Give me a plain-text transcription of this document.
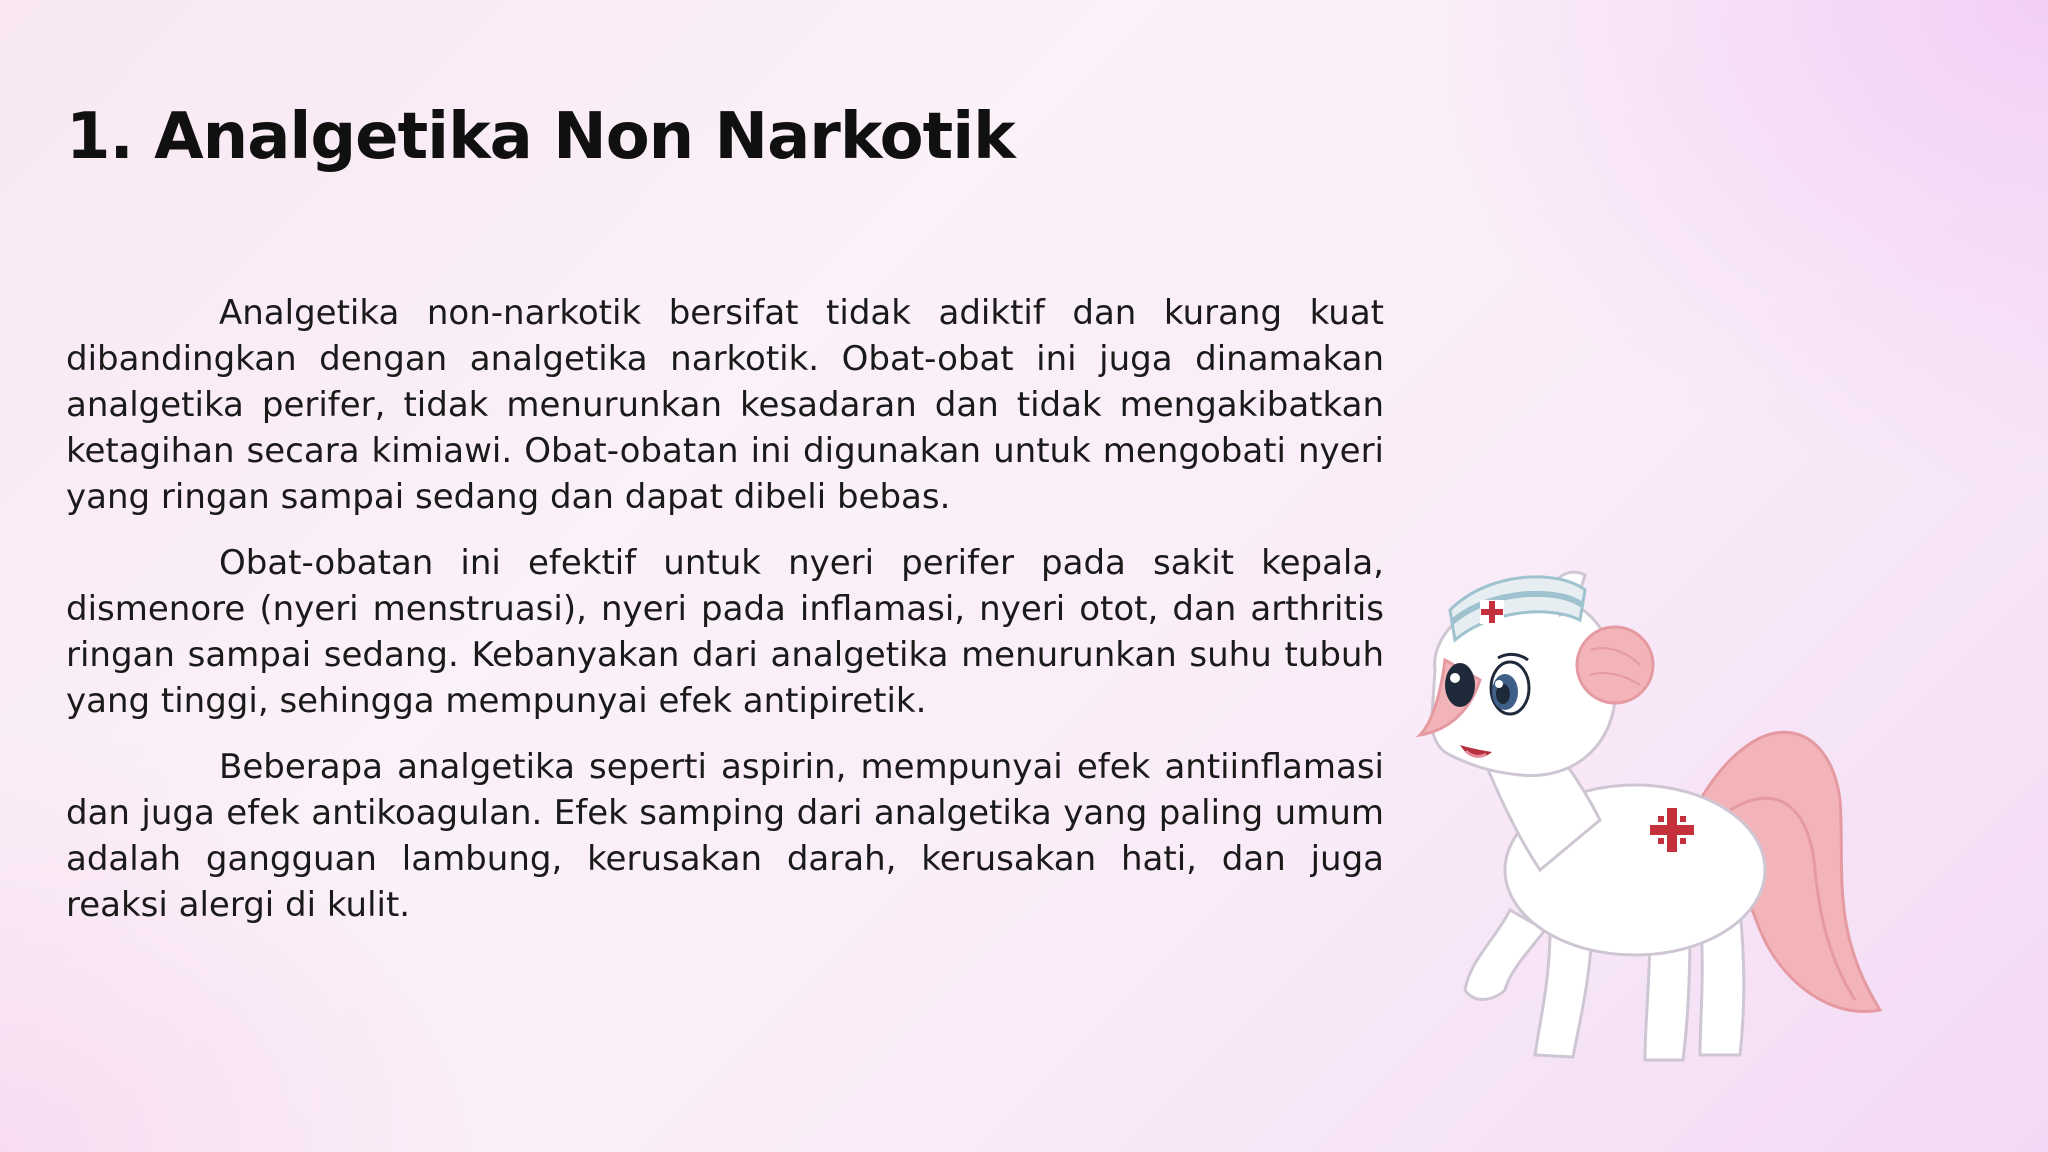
1. Analgetika Non Narkotik

Analgetika non-narkotik bersifat tidak adiktif dan kurang kuat dibandingkan dengan analgetika narkotik. Obat-obat ini juga dinamakan analgetika perifer, tidak menurunkan kesadaran dan tidak mengakibatkan ketagihan secara kimiawi. Obat-obatan ini digunakan untuk mengobati nyeri yang ringan sampai sedang dan dapat dibeli bebas.

Obat-obatan ini efektif untuk nyeri perifer pada sakit kepala, dismenore (nyeri menstruasi), nyeri pada inflamasi, nyeri otot, dan arthritis ringan sampai sedang. Kebanyakan dari analgetika menurunkan suhu tubuh yang tinggi, sehingga mempunyai efek antipiretik.

Beberapa analgetika seperti aspirin, mempunyai efek antiinflamasi dan juga efek antikoagulan. Efek samping dari analgetika yang paling umum adalah gangguan lambung, kerusakan darah, kerusakan hati, dan juga reaksi alergi di kulit.
